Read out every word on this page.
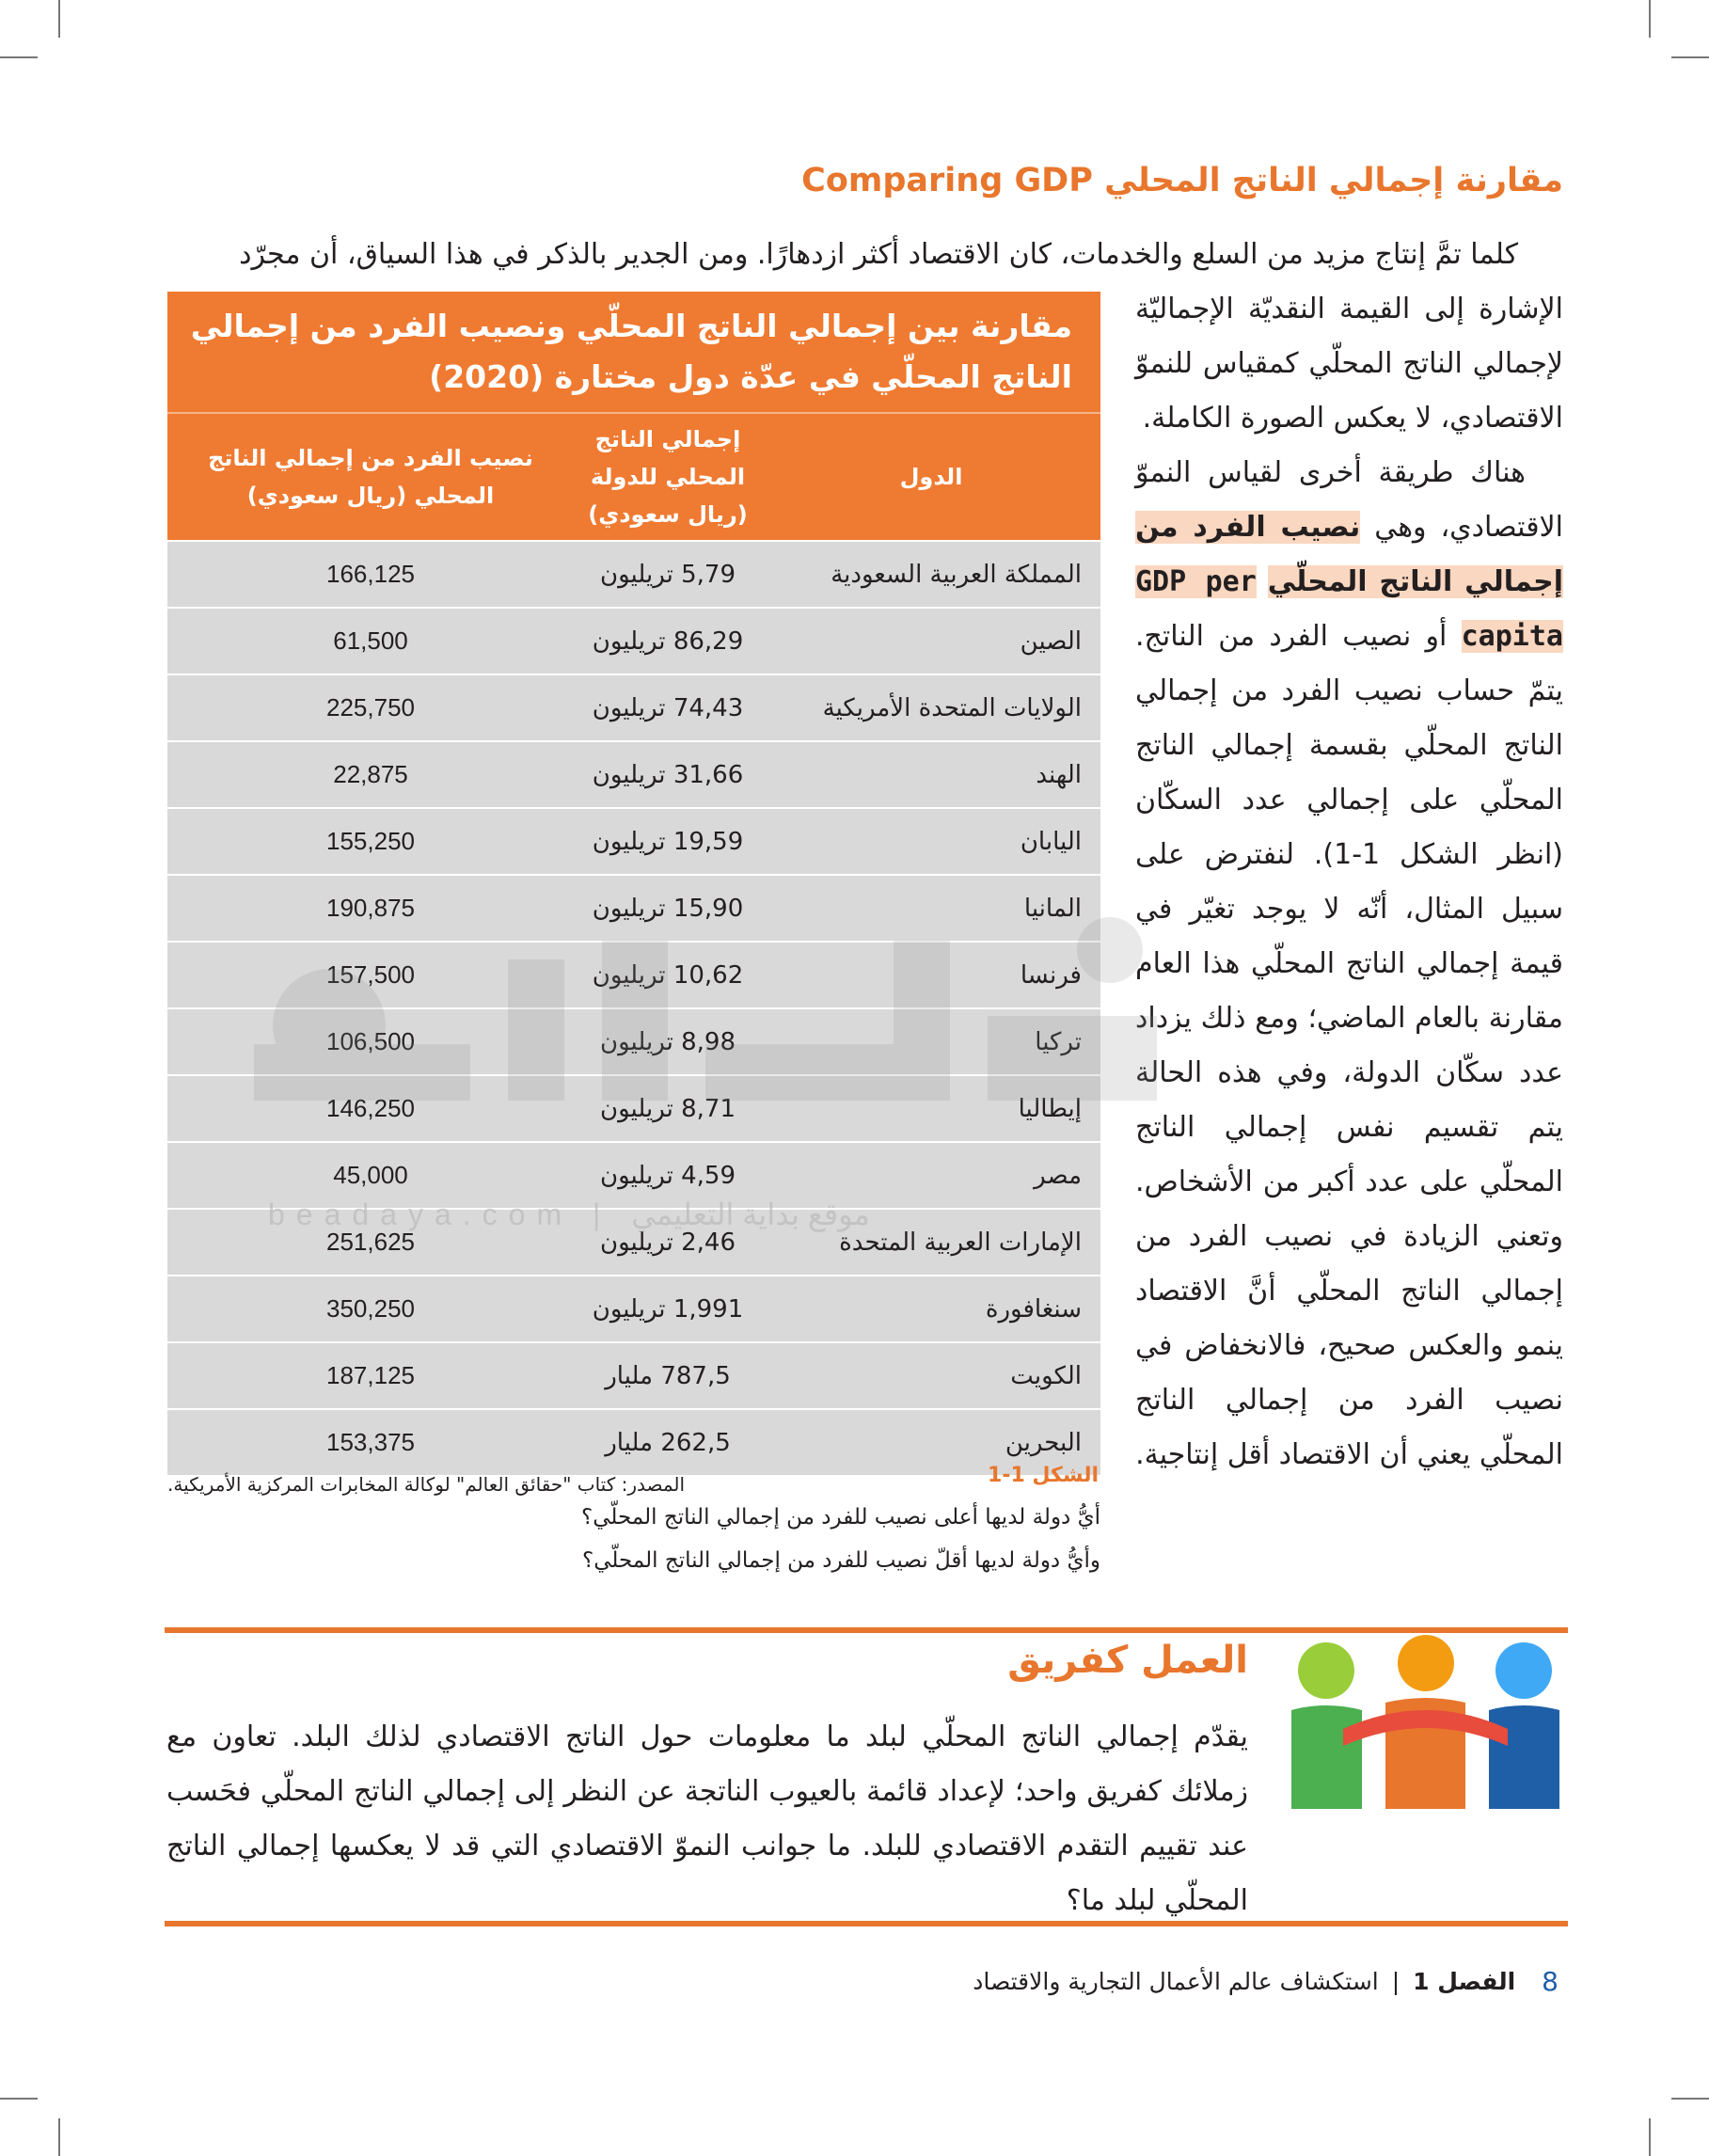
مقارنة إجمالي الناتج المحلي Comparing GDP

كلما تمَّ إنتاج مزيد من السلع والخدمات، كان الاقتصاد أكثر ازدهارًا. ومن الجدير بالذكر في هذا السياق، أن مجرّد

الإشارة إلى القيمة النقديّة الإجماليّة لإجمالي الناتج المحلّي كمقياس للنموّ الاقتصادي، لا يعكس الصورة الكاملة.

هناك طريقة أخرى لقياس النموّ الاقتصادي، وهي نصيب الفرد من إجمالي الناتج المحلّي GDP per capita أو نصيب الفرد من الناتج. يتمّ حساب نصيب الفرد من إجمالي الناتج المحلّي بقسمة إجمالي الناتج المحلّي على إجمالي عدد السكّان (انظر الشكل 1-1). لنفترض على سبيل المثال، أنّه لا يوجد تغيّر في قيمة إجمالي الناتج المحلّي هذا العام مقارنة بالعام الماضي؛ ومع ذلك يزداد عدد سكّان الدولة، وفي هذه الحالة يتم تقسيم نفس إجمالي الناتج المحلّي على عدد أكبر من الأشخاص. وتعني الزيادة في نصيب الفرد من إجمالي الناتج المحلّي أنَّ الاقتصاد ينمو والعكس صحيح، فالانخفاض في نصيب الفرد من إجمالي الناتج المحلّي يعني أن الاقتصاد أقل إنتاجية.

مقارنة بين إجمالي الناتج المحلّي ونصيب الفرد من إجمالي الناتج المحلّي في عدّة دول مختارة (2020)
الدول
إجمالي الناتج المحلي للدولة (ريال سعودي)
نصيب الفرد من إجمالي الناتج المحلي (ريال سعودي)
المملكة العربية السعودية
5,79 تريليون
166,125
الصين
86,29 تريليون
61,500
الولايات المتحدة الأمريكية
74,43 تريليون
225,750
الهند
31,66 تريليون
22,875
اليابان
19,59 تريليون
155,250
المانيا
15,90 تريليون
190,875
فرنسا
10,62 تريليون
157,500
تركيا
8,98 تريليون
106,500
إيطاليا
8,71 تريليون
146,250
مصر
4,59 تريليون
45,000
الإمارات العربية المتحدة
2,46 تريليون
251,625
سنغافورة
1,991 تريليون
350,250
الكويت
787,5 مليار
187,125
البحرين
262,5 مليار
153,375
beadaya.com | موقع بداية التعليمي
الشكل 1-1
المصدر: كتاب "حقائق العالم" لوكالة المخابرات المركزية الأمريكية.
أيُّ دولة لديها أعلى نصيب للفرد من إجمالي الناتج المحلّي؟
وأيُّ دولة لديها أقلّ نصيب للفرد من إجمالي الناتج المحلّي؟
العمل كفريق

يقدّم إجمالي الناتج المحلّي لبلد ما معلومات حول الناتج الاقتصادي لذلك البلد. تعاون مع زملائك كفريق واحد؛ لإعداد قائمة بالعيوب الناتجة عن النظر إلى إجمالي الناتج المحلّي فحَسب عند تقييم التقدم الاقتصادي للبلد. ما جوانب النموّ الاقتصادي التي قد لا يعكسها إجمالي الناتج المحلّي لبلد ما؟

8
الفصل 1
|
استكشاف عالم الأعمال التجارية والاقتصاد
